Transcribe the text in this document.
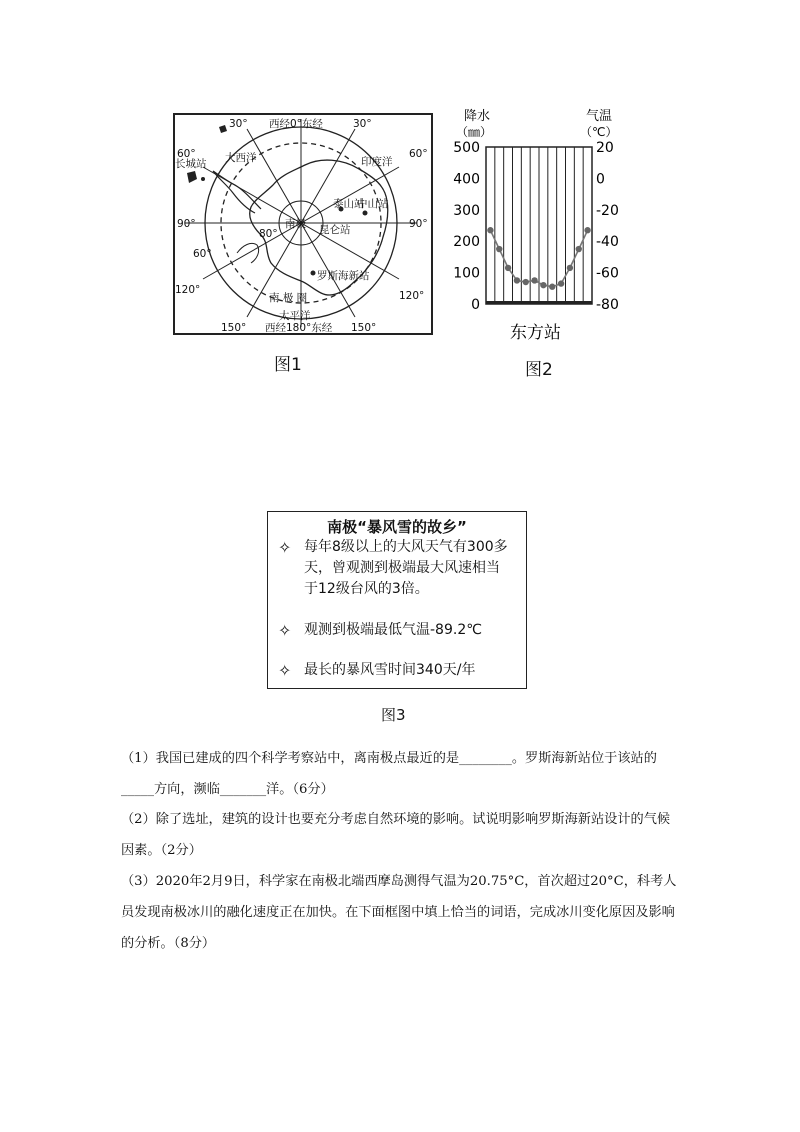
西经0°东经
30°	30°
60°	60°
长城站 大西洋	印度洋
90°	90°
泰山站
中山站
南极
80°	昆仑站
60°
罗斯海新站
120°	120°
南 极 圈
太平洋
150° 西经180°东经 150°
图1
降水
（㎜）
气温
（℃）
500
400
300
200
100
0
20
0
-20
-40
-60
-80
东方站
图2
南极“暴风雪的故乡”
✧ 每年8级以上的大风天气有300多天，曾观测到极端最大风速相当于12级台风的3倍。
✧ 观测到极端最低气温-89.2℃
✧ 最长的暴风雪时间340天/年
图3
（1）我国已建成的四个科学考察站中，离南极点最近的是________。罗斯海新站位于该站的_____方向，濒临_______洋。（6分）
（2）除了选址，建筑的设计也要充分考虑自然环境的影响。试说明影响罗斯海新站设计的气候因素。（2分）
（3）2020年2月9日，科学家在南极北端西摩岛测得气温为20.75°C，首次超过20°C，科考人员发现南极冰川的融化速度正在加快。在下面框图中填上恰当的词语，完成冰川变化原因及影响的分析。（8分）
